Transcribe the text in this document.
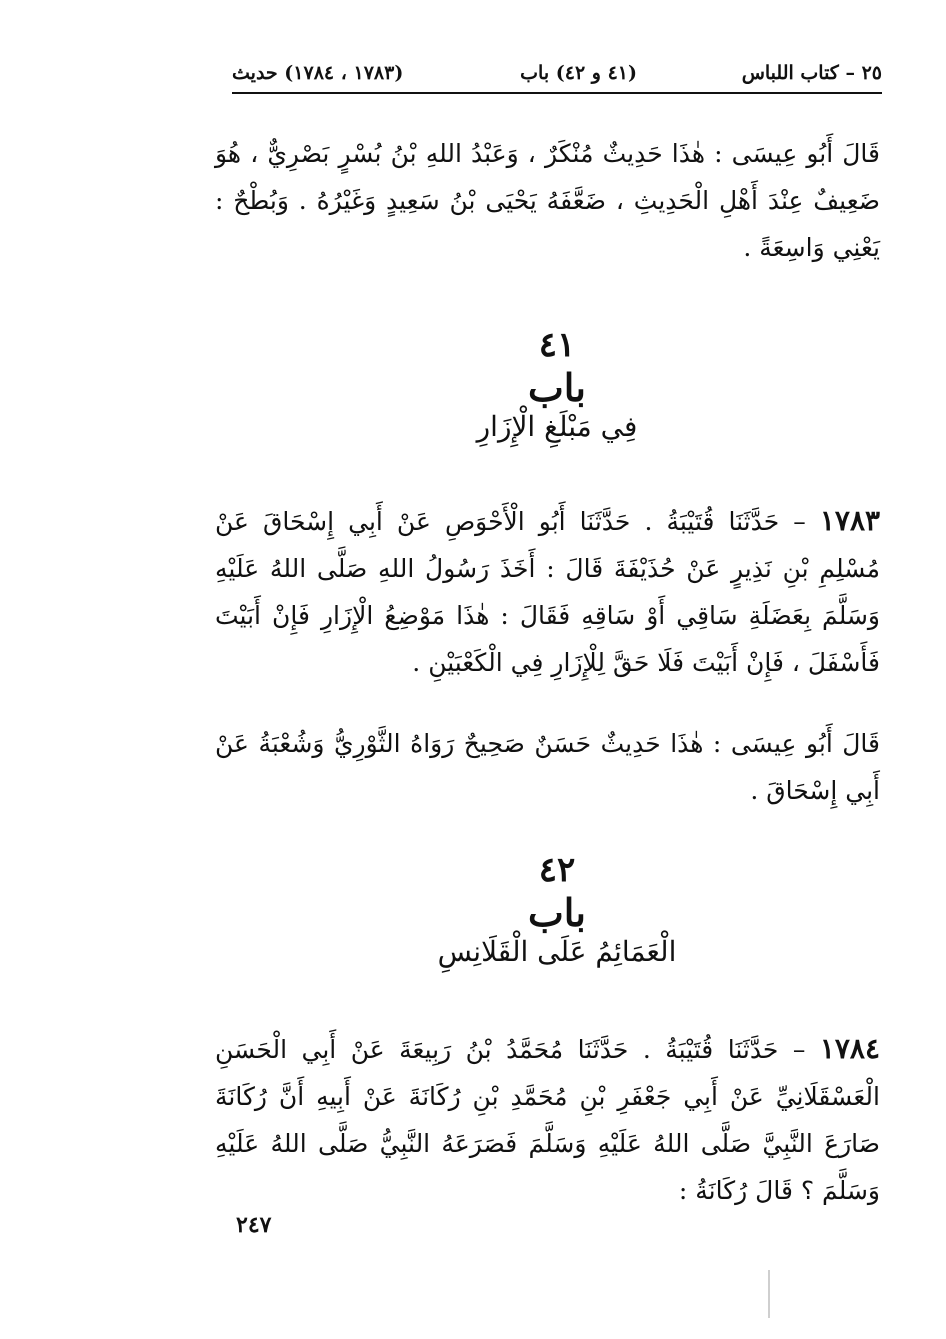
٢٥ – كتاب اللباس
(٤١ و ٤٢) باب
(١٧٨٣ ، ١٧٨٤) حديث
قَالَ أَبُو عِيسَى : هٰذَا حَدِيثٌ مُنْكَرٌ ، وَعَبْدُ اللهِ بْنُ بُسْرٍ بَصْرِيٌّ ، هُوَ ضَعِيفٌ عِنْدَ أَهْلِ الْحَدِيثِ ، ضَعَّفَهُ يَحْيَى بْنُ سَعِيدٍ وَغَيْرُهُ . وَبُطْحٌ : يَعْنِي وَاسِعَةً .
٤١
باب
فِي مَبْلَغِ الْإِزَارِ
١٧٨٣ – حَدَّثَنَا قُتَيْبَةُ . حَدَّثَنَا أَبُو الْأَحْوَصِ عَنْ أَبِي إِسْحَاقَ عَنْ مُسْلِمِ بْنِ نَذِيرٍ عَنْ حُذَيْفَةَ قَالَ : أَخَذَ رَسُولُ اللهِ صَلَّى اللهُ عَلَيْهِ وَسَلَّمَ بِعَضَلَةِ سَاقِي أَوْ سَاقِهِ فَقَالَ : هٰذَا مَوْضِعُ الْإِزَارِ فَإِنْ أَبَيْتَ فَأَسْفَلَ ، فَإِنْ أَبَيْتَ فَلَا حَقَّ لِلْإِزَارِ فِي الْكَعْبَيْنِ .
قَالَ أَبُو عِيسَى : هٰذَا حَدِيثٌ حَسَنٌ صَحِيحٌ رَوَاهُ الثَّوْرِيُّ وَشُعْبَةُ عَنْ أَبِي إِسْحَاقَ .
٤٢
باب
الْعَمَائِمُ عَلَى الْقَلَانِسِ
١٧٨٤ – حَدَّثَنَا قُتَيْبَةُ . حَدَّثَنَا مُحَمَّدُ بْنُ رَبِيعَةَ عَنْ أَبِي الْحَسَنِ الْعَسْقَلَانِيِّ عَنْ أَبِي جَعْفَرِ بْنِ مُحَمَّدِ بْنِ رُكَانَةَ عَنْ أَبِيهِ أَنَّ رُكَانَةَ صَارَعَ النَّبِيَّ صَلَّى اللهُ عَلَيْهِ وَسَلَّمَ فَصَرَعَهُ النَّبِيُّ صَلَّى اللهُ عَلَيْهِ وَسَلَّمَ ؟ قَالَ رُكَانَةُ :
٢٤٧
